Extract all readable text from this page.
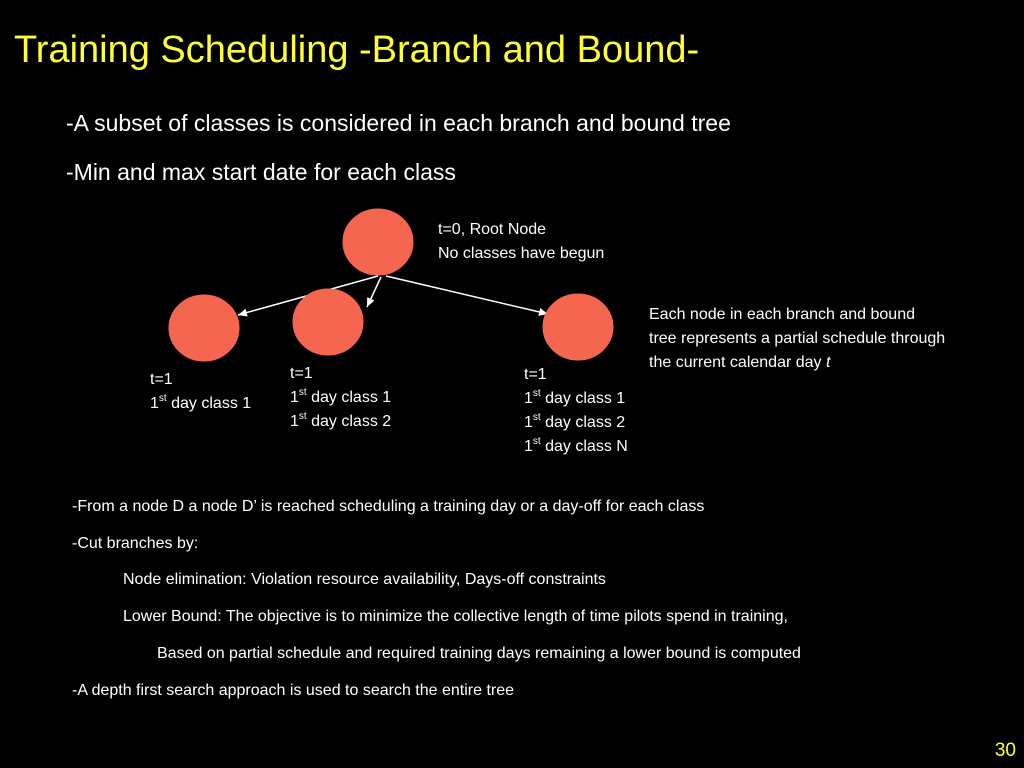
Training Scheduling -Branch and Bound-
-A subset of classes is considered in each branch and bound tree
-Min and max start date for each class
t=0, Root Node
No classes have begun
t=1
1st day class 1
t=1
1st day class 1
1st day class 2
t=1
1st day class 1
1st day class 2
1st day class N
Each node in each branch and bound
tree represents a partial schedule through
the current calendar day t
-From a node D a node D’ is reached scheduling a training day or a day-off for each class
-Cut branches by:
Node elimination: Violation resource availability, Days-off constraints
Lower Bound: The objective is to minimize the collective length of time pilots spend in training,
Based on partial schedule and required training days remaining a lower bound is computed
-A depth first search approach is used to search the entire tree
30
